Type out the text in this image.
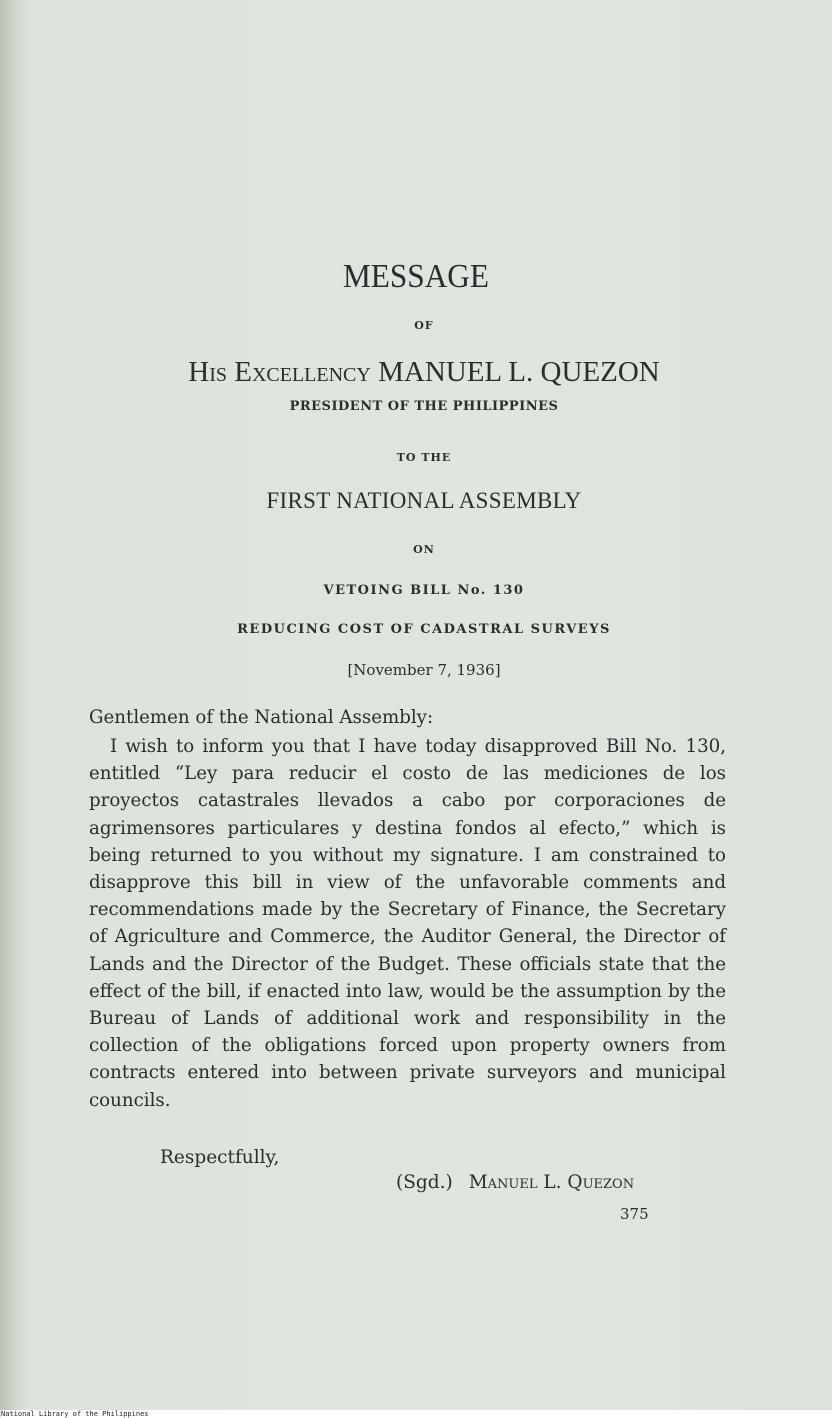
MESSAGE
OF
His Excellency MANUEL L. QUEZON
PRESIDENT OF THE PHILIPPINES
TO THE
FIRST NATIONAL ASSEMBLY
ON
VETOING BILL No. 130
REDUCING COST OF CADASTRAL SURVEYS
[November 7, 1936]
Gentlemen of the National Assembly:
I wish to inform you that I have today disapproved Bill No. 130, entitled “Ley para reducir el costo de las mediciones de los proyectos catastrales llevados a cabo por corporaciones de agrimensores particulares y destina fondos al efecto,” which is being returned to you without my signature. I am constrained to disapprove this bill in view of the unfavorable comments and recommendations made by the Secretary of Finance, the Secretary of Agriculture and Commerce, the Auditor General, the Director of Lands and the Director of the Budget. These officials state that the effect of the bill, if enacted into law, would be the assumption by the Bureau of Lands of additional work and responsibility in the collection of the obligations forced upon property owners from contracts entered into between private surveyors and municipal councils.
Respectfully,
(Sgd.) Manuel L. Quezon
375
National Library of the Philippines
